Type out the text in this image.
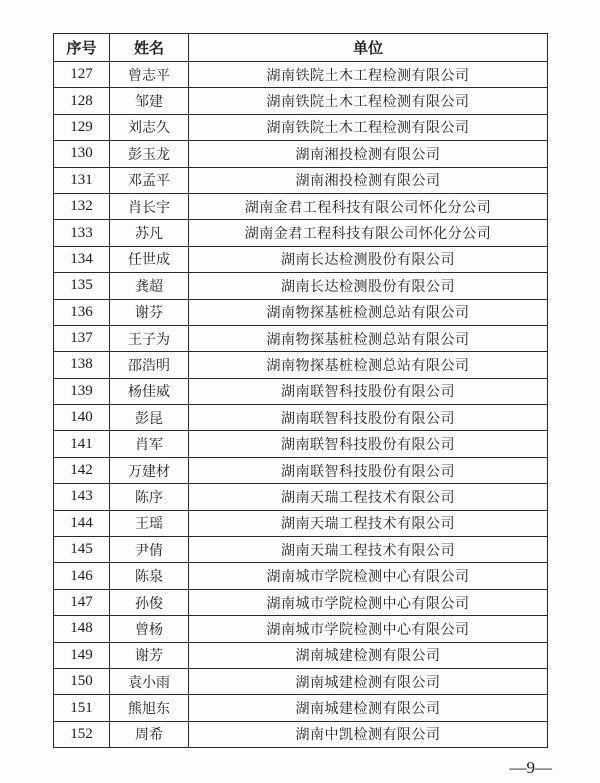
序号	姓名	单位
127	曾志平	湖南铁院土木工程检测有限公司
128	邹建	湖南铁院土木工程检测有限公司
129	刘志久	湖南铁院土木工程检测有限公司
130	彭玉龙	湖南湘投检测有限公司
131	邓孟平	湖南湘投检测有限公司
132	肖长宇	湖南金君工程科技有限公司怀化分公司
133	苏凡	湖南金君工程科技有限公司怀化分公司
134	任世成	湖南长达检测股份有限公司
135	龚超	湖南长达检测股份有限公司
136	谢芬	湖南物探基桩检测总站有限公司
137	王子为	湖南物探基桩检测总站有限公司
138	邵浩明	湖南物探基桩检测总站有限公司
139	杨佳威	湖南联智科技股份有限公司
140	彭昆	湖南联智科技股份有限公司
141	肖军	湖南联智科技股份有限公司
142	万建材	湖南联智科技股份有限公司
143	陈序	湖南天瑞工程技术有限公司
144	王瑶	湖南天瑞工程技术有限公司
145	尹倩	湖南天瑞工程技术有限公司
146	陈泉	湖南城市学院检测中心有限公司
147	孙俊	湖南城市学院检测中心有限公司
148	曾杨	湖南城市学院检测中心有限公司
149	谢芳	湖南城建检测有限公司
150	袁小雨	湖南城建检测有限公司
151	熊旭东	湖南城建检测有限公司
152	周希	湖南中凯检测有限公司
—9—
